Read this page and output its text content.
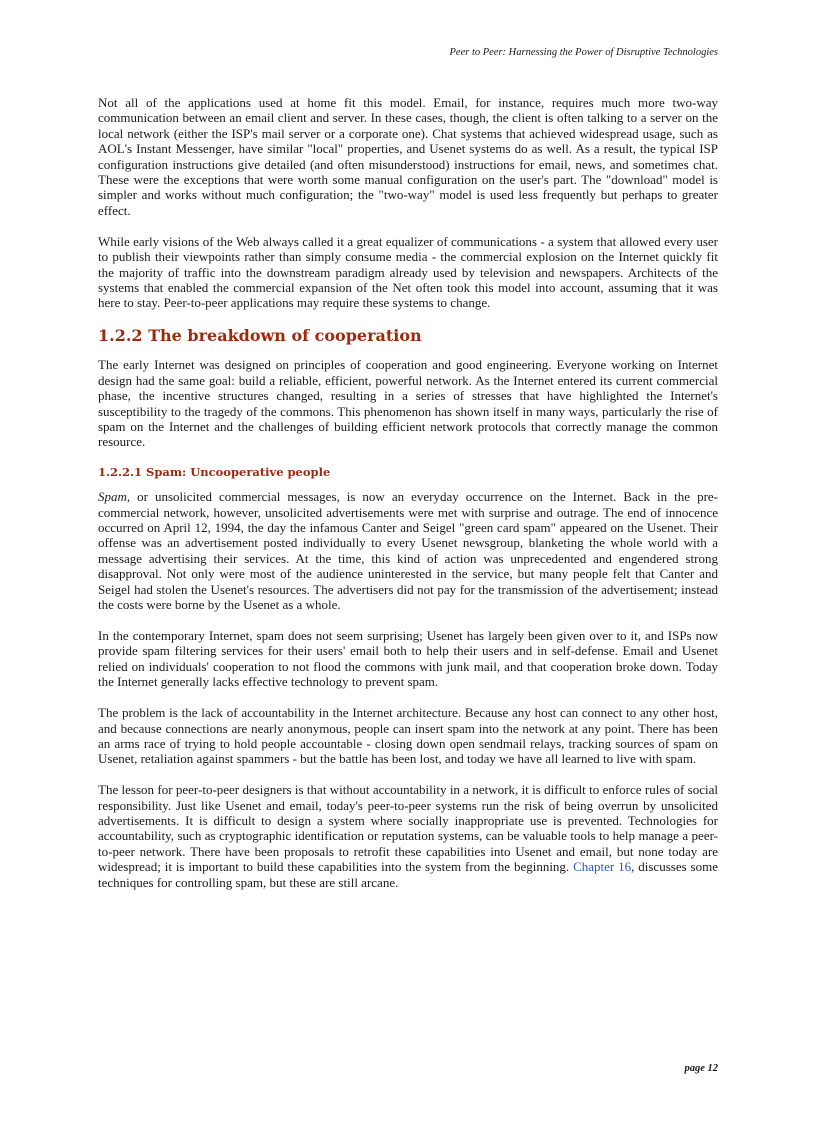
Peer to Peer: Harnessing the Power of Disruptive Technologies

Not all of the applications used at home fit this model. Email, for instance, requires much more two-way communication between an email client and server. In these cases, though, the client is often talking to a server on the local network (either the ISP's mail server or a corporate one). Chat systems that achieved widespread usage, such as AOL's Instant Messenger, have similar "local" properties, and Usenet systems do as well. As a result, the typical ISP configuration instructions give detailed (and often misunderstood) instructions for email, news, and sometimes chat. These were the exceptions that were worth some manual configuration on the user's part. The "download" model is simpler and works without much configuration; the "two-way" model is used less frequently but perhaps to greater effect.

While early visions of the Web always called it a great equalizer of communications - a system that allowed every user to publish their viewpoints rather than simply consume media - the commercial explosion on the Internet quickly fit the majority of traffic into the downstream paradigm already used by television and newspapers. Architects of the systems that enabled the commercial expansion of the Net often took this model into account, assuming that it was here to stay. Peer-to-peer applications may require these systems to change.

1.2.2 The breakdown of cooperation

The early Internet was designed on principles of cooperation and good engineering. Everyone working on Internet design had the same goal: build a reliable, efficient, powerful network. As the Internet entered its current commercial phase, the incentive structures changed, resulting in a series of stresses that have highlighted the Internet's susceptibility to the tragedy of the commons. This phenomenon has shown itself in many ways, particularly the rise of spam on the Internet and the challenges of building efficient network protocols that correctly manage the common resource.

1.2.2.1 Spam: Uncooperative people

Spam, or unsolicited commercial messages, is now an everyday occurrence on the Internet. Back in the pre-commercial network, however, unsolicited advertisements were met with surprise and outrage. The end of innocence occurred on April 12, 1994, the day the infamous Canter and Seigel "green card spam" appeared on the Usenet. Their offense was an advertisement posted individually to every Usenet newsgroup, blanketing the whole world with a message advertising their services. At the time, this kind of action was unprecedented and engendered strong disapproval. Not only were most of the audience uninterested in the service, but many people felt that Canter and Seigel had stolen the Usenet's resources. The advertisers did not pay for the transmission of the advertisement; instead the costs were borne by the Usenet as a whole.

In the contemporary Internet, spam does not seem surprising; Usenet has largely been given over to it, and ISPs now provide spam filtering services for their users' email both to help their users and in self-defense. Email and Usenet relied on individuals' cooperation to not flood the commons with junk mail, and that cooperation broke down. Today the Internet generally lacks effective technology to prevent spam.

The problem is the lack of accountability in the Internet architecture. Because any host can connect to any other host, and because connections are nearly anonymous, people can insert spam into the network at any point. There has been an arms race of trying to hold people accountable - closing down open sendmail relays, tracking sources of spam on Usenet, retaliation against spammers - but the battle has been lost, and today we have all learned to live with spam.

The lesson for peer-to-peer designers is that without accountability in a network, it is difficult to enforce rules of social responsibility. Just like Usenet and email, today's peer-to-peer systems run the risk of being overrun by unsolicited advertisements. It is difficult to design a system where socially inappropriate use is prevented. Technologies for accountability, such as cryptographic identification or reputation systems, can be valuable tools to help manage a peer-to-peer network. There have been proposals to retrofit these capabilities into Usenet and email, but none today are widespread; it is important to build these capabilities into the system from the beginning. Chapter 16, discusses some techniques for controlling spam, but these are still arcane.

page 12
